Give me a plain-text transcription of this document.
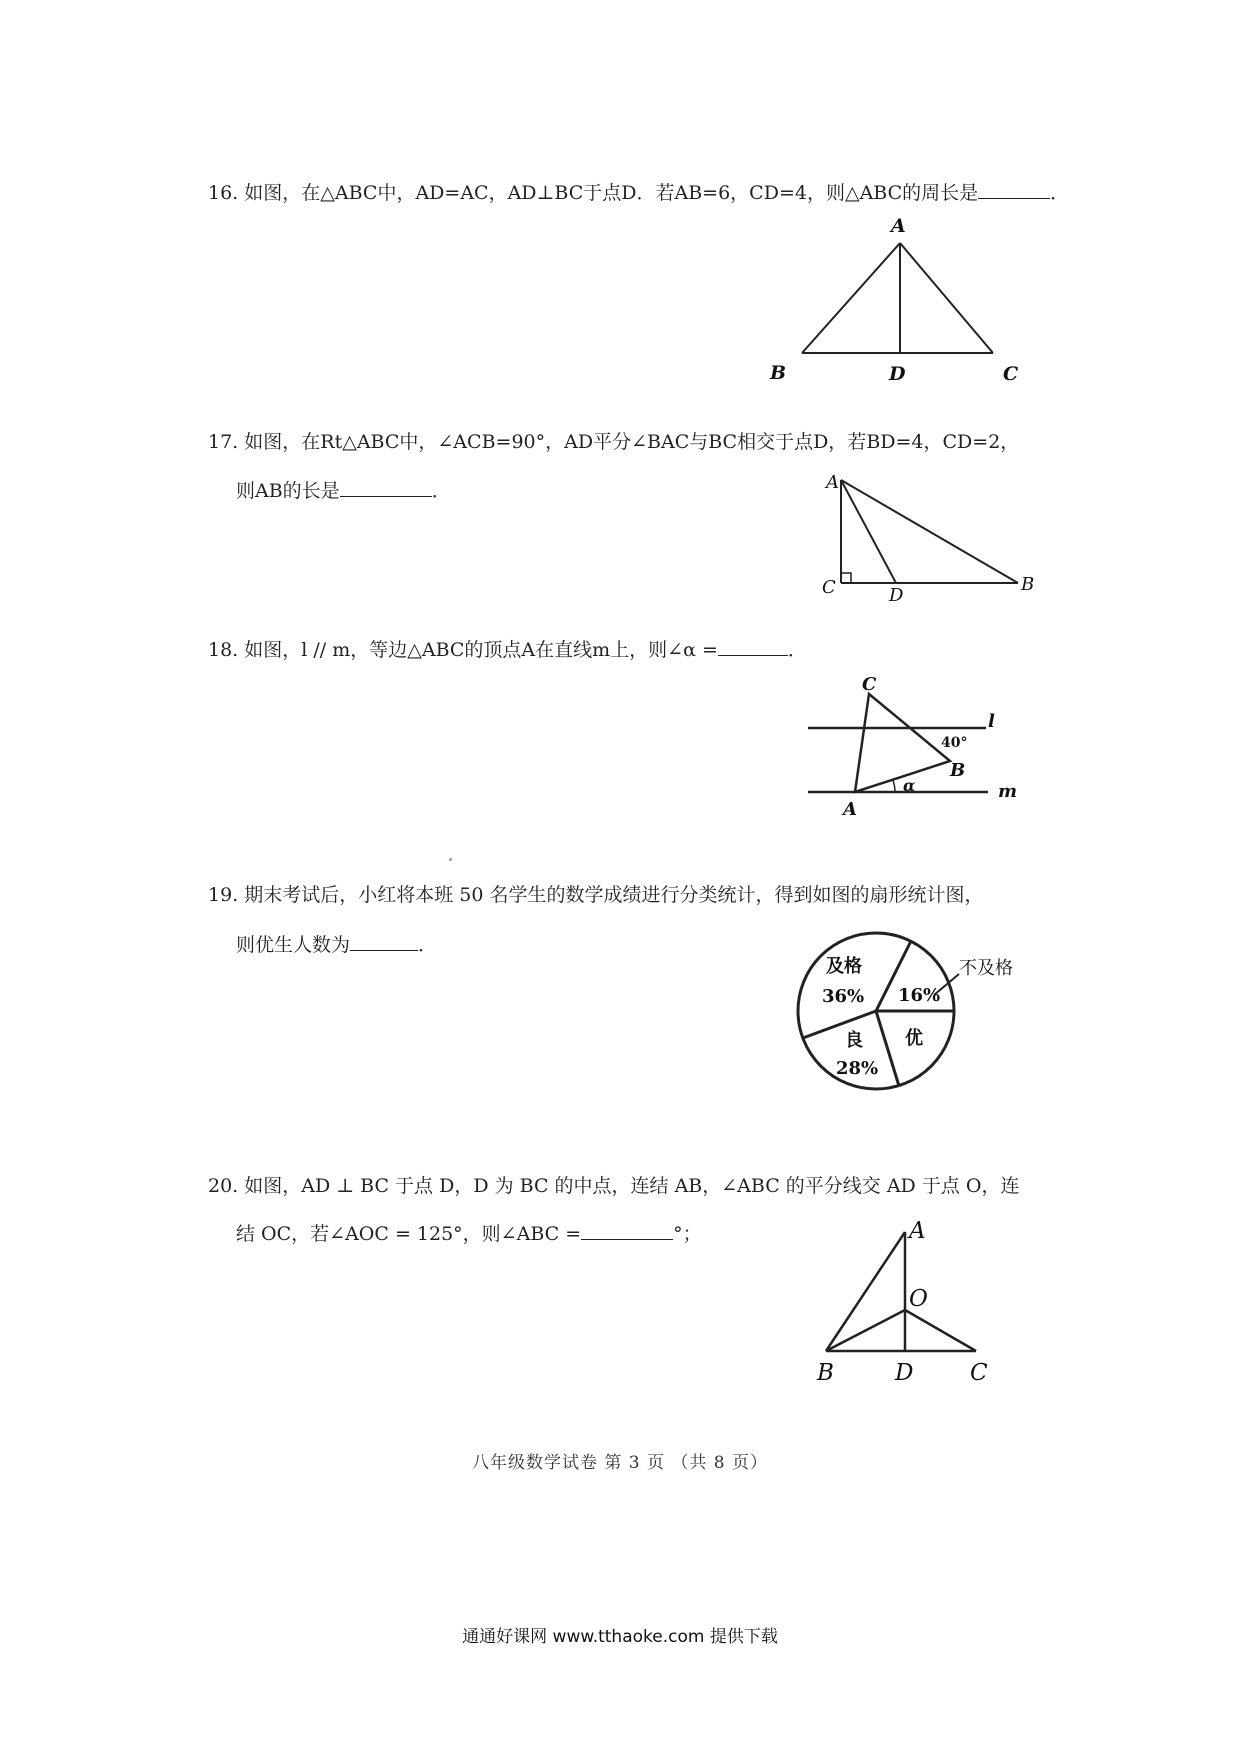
16. 如图，在△ABC中，AD=AC，AD⊥BC于点D．若AB=6，CD=4，则△ABC的周长是	．
A
B	D	C
17. 如图，在Rt△ABC中，∠ACB=90°，AD平分∠BAC与BC相交于点D，若BD=4，CD=2，
则AB的长是	．	A
C	D
B
18. 如图，l // m，等边△ABC的顶点A在直线m上，则∠α =	．
C
l
40°
B
α	m
A
19. 期末考试后，小红将本班 50 名学生的数学成绩进行分类统计，得到如图的扇形统计图，
则优生人数为	．
不及格
16%
及格
36%
优
良
28%
20. 如图，AD ⊥ BC 于点 D，D 为 BC 的中点，连结 AB，∠ABC 的平分线交 AD 于点 O，连
结 OC，若∠AOC = 125°，则∠ABC =	°；	A
O
B	D C
八年级数学试卷 第 3 页 （共 8 页）
通通好课网 www.tthaoke.com 提供下载
